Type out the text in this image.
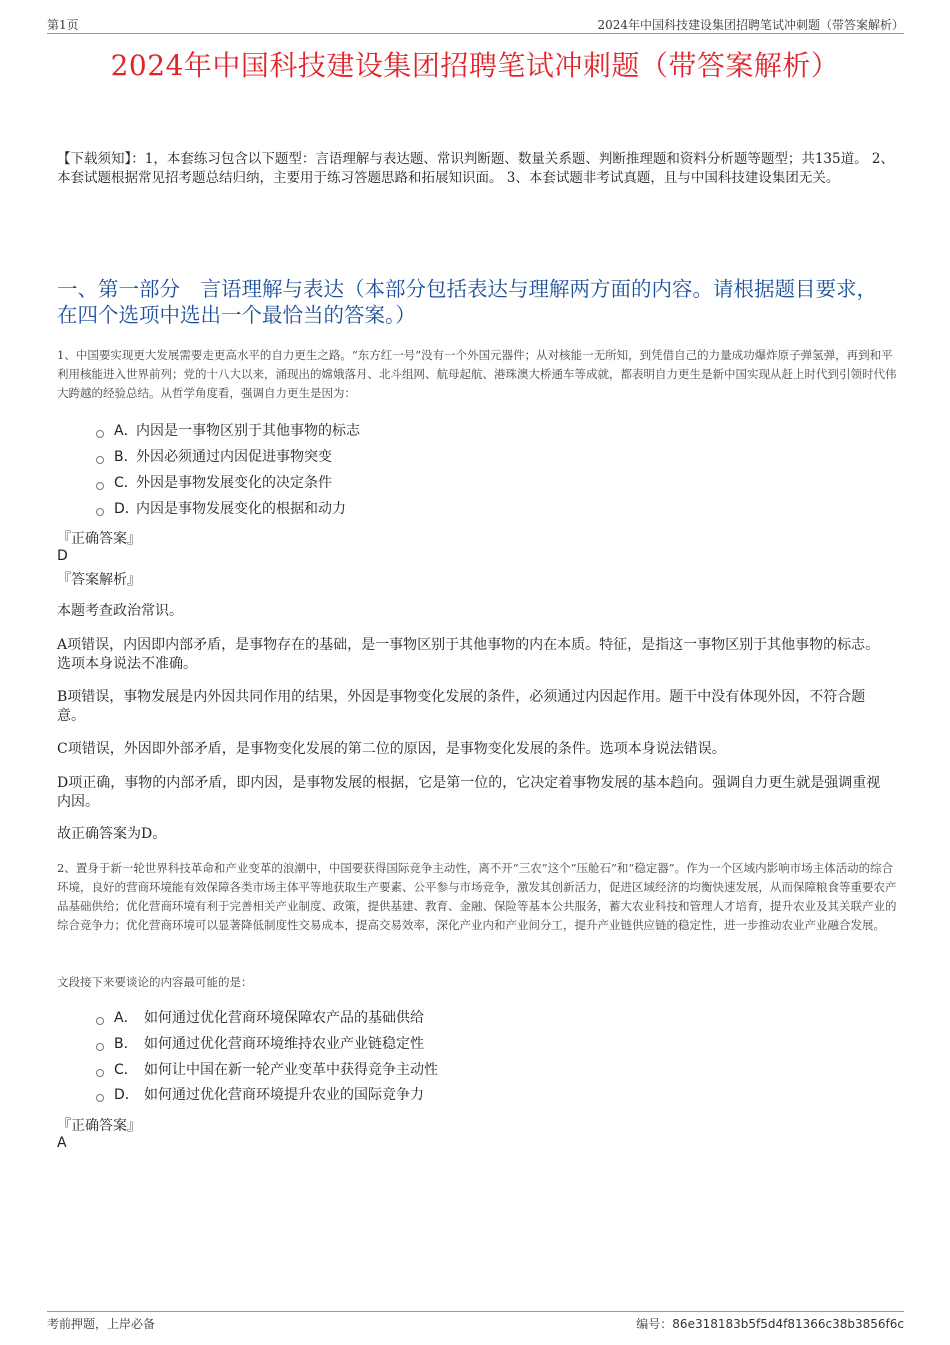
第1页	2024年中国科技建设集团招聘笔试冲刺题（带答案解析）
2024年中国科技建设集团招聘笔试冲刺题（带答案解析）
【下载须知】：1，本套练习包含以下题型：言语理解与表达题、常识判断题、数量关系题、判断推理题和资料分析题等题型；共135道。 2、本套试题根据常见招考题总结归纳，主要用于练习答题思路和拓展知识面。 3、本套试题非考试真题，且与中国科技建设集团无关。
一、第一部分　言语理解与表达（本部分包括表达与理解两方面的内容。请根据题目要求，在四个选项中选出一个最恰当的答案。）
1、中国要实现更大发展需要走更高水平的自力更生之路。“东方红一号”没有一个外国元器件；从对核能一无所知，到凭借自己的力量成功爆炸原子弹氢弹，再到和平利用核能进入世界前列；党的十八大以来，涌现出的嫦娥落月、北斗组网、航母起航、港珠澳大桥通车等成就，都表明自力更生是新中国实现从赶上时代到引领时代伟大跨越的经验总结。从哲学角度看，强调自力更生是因为：
A．
内因是一事物区别于其他事物的标志
B．
外因必须通过内因促进事物突变
C．
外因是事物发展变化的决定条件
D．
内因是事物发展变化的根据和动力
『正确答案』
D
『答案解析』
本题考查政治常识。
A项错误，内因即内部矛盾，是事物存在的基础，是一事物区别于其他事物的内在本质。特征，是指这一事物区别于其他事物的标志。选项本身说法不准确。
B项错误，事物发展是内外因共同作用的结果，外因是事物变化发展的条件，必须通过内因起作用。题干中没有体现外因，不符合题意。
C项错误，外因即外部矛盾，是事物变化发展的第二位的原因，是事物变化发展的条件。选项本身说法错误。
D项正确，事物的内部矛盾，即内因，是事物发展的根据，它是第一位的，它决定着事物发展的基本趋向。强调自力更生就是强调重视内因。
故正确答案为D。
2、置身于新一轮世界科技革命和产业变革的浪潮中，中国要获得国际竞争主动性，离不开“三农”这个“压舱石”和“稳定器”。作为一个区域内影响市场主体活动的综合环境，良好的营商环境能有效保障各类市场主体平等地获取生产要素、公平参与市场竞争，激发其创新活力，促进区域经济的均衡快速发展，从而保障粮食等重要农产品基础供给；优化营商环境有利于完善相关产业制度、政策，提供基建、教育、金融、保险等基本公共服务，蓄大农业科技和管理人才培育，提升农业及其关联产业的综合竞争力；优化营商环境可以显著降低制度性交易成本，提高交易效率，深化产业内和产业间分工，提升产业链供应链的稳定性，进一步推动农业产业融合发展。
文段接下来要谈论的内容最可能的是：
A． 如何通过优化营商环境保障农产品的基础供给
B． 如何通过优化营商环境维持农业产业链稳定性
C． 如何让中国在新一轮产业变革中获得竞争主动性
D． 如何通过优化营商环境提升农业的国际竞争力
『正确答案』
A
考前押题，上岸必备	编号：86e318183b5f5d4f81366c38b3856f6c
